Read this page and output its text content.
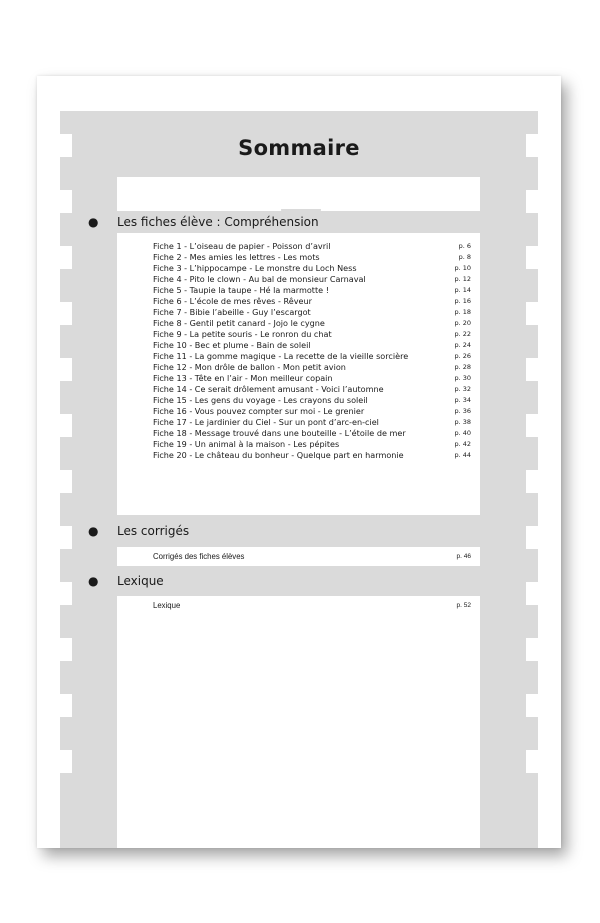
Sommaire
● Les fiches élève : Compréhension
Fiche 1 - L’oiseau de papier - Poisson d’avril	p. 6
Fiche 2 - Mes amies les lettres - Les mots	p. 8
Fiche 3 - L’hippocampe - Le monstre du Loch Ness	p. 10
Fiche 4 - Pito le clown - Au bal de monsieur Carnaval	p. 12
Fiche 5 - Taupie la taupe - Hé la marmotte !	p. 14
Fiche 6 - L’école de mes rêves - Rêveur	p. 16
Fiche 7 - Bibie l’abeille - Guy l’escargot	p. 18
Fiche 8 - Gentil petit canard - Jojo le cygne	p. 20
Fiche 9 - La petite souris - Le ronron du chat	p. 22
Fiche 10 - Bec et plume - Bain de soleil	p. 24
Fiche 11 - La gomme magique - La recette de la vieille sorcière	p. 26
Fiche 12 - Mon drôle de ballon - Mon petit avion	p. 28
Fiche 13 - Tête en l’air - Mon meilleur copain	p. 30
Fiche 14 - Ce serait drôlement amusant - Voici l’automne	p. 32
Fiche 15 - Les gens du voyage - Les crayons du soleil	p. 34
Fiche 16 - Vous pouvez compter sur moi - Le grenier	p. 36
Fiche 17 - Le jardinier du Ciel - Sur un pont d’arc-en-ciel	p. 38
Fiche 18 - Message trouvé dans une bouteille - L’étoile de mer	p. 40
Fiche 19 - Un animal à la maison - Les pépites	p. 42
Fiche 20 - Le château du bonheur - Quelque part en harmonie	p. 44
● Les corrigés
Corrigés des fiches élèves	p. 46
● Lexique
Lexique	p. 52
